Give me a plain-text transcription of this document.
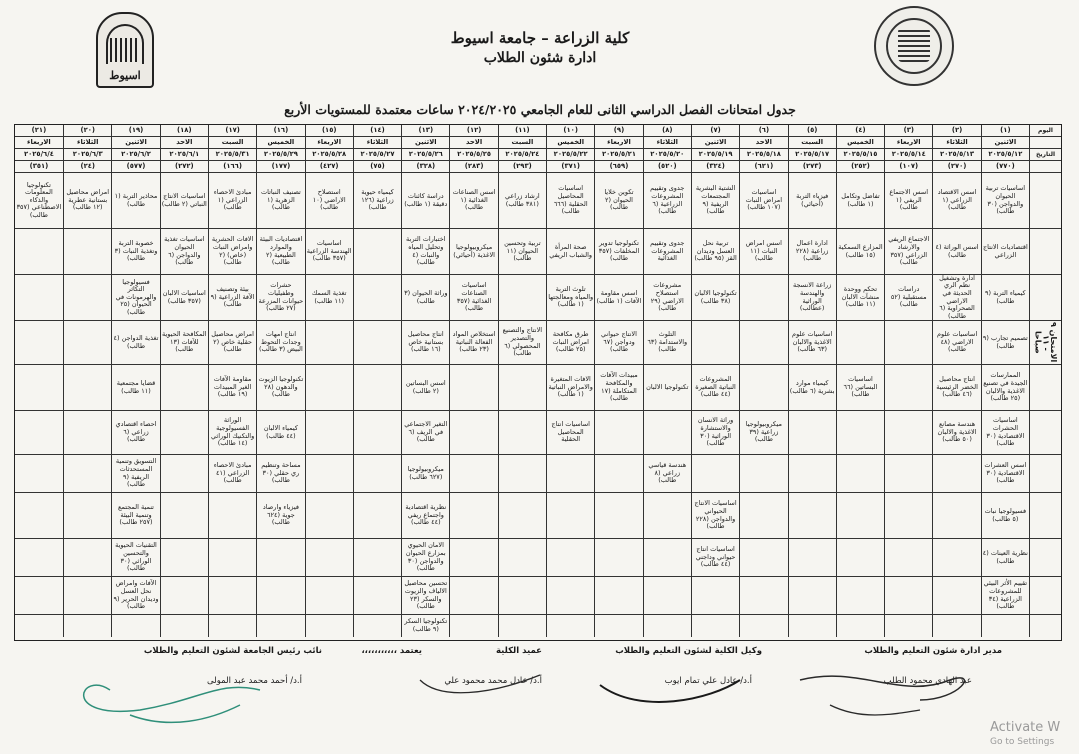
اسيوط
كلية الزراعة – جامعة اسيوط
ادارة شئون الطلاب
جدول امتحانات الفصل الدراسي الثانى للعام الجامعي ٢٠٢٤/٢٠٢٥ ساعات معتمدة للمستويات الأربع
اليوم
(١)
(٢)
(٣)
(٤)
(٥)
(٦)
(٧)
(٨)
(٩)
(١٠)
(١١)
(١٢)
(١٣)
(١٤)
(١٥)
(١٦)
(١٧)
(١٨)
(١٩)
(٢٠)
(٢١)
الاثنين
الثلاثاء
الاربعاء
الخميس
السبت
الاحد
الاثنين
الثلاثاء
الاربعاء
الخميس
السبت
الاحد
الاثنين
الثلاثاء
الاربعاء
الخميس
السبت
الاحد
الاثنين
الثلاثاء
الاربعاء
التاريخ
٢٠٢٥/٥/١٢
٢٠٢٥/٥/١٣
٢٠٢٥/٥/١٤
٢٠٢٥/٥/١٥
٢٠٢٥/٥/١٧
٢٠٢٥/٥/١٨
٢٠٢٥/٥/١٩
٢٠٢٥/٥/٢٠
٢٠٢٥/٥/٢١
٢٠٢٥/٥/٢٢
٢٠٢٥/٥/٢٤
٢٠٢٥/٥/٢٥
٢٠٢٥/٥/٢٦
٢٠٢٥/٥/٢٧
٢٠٢٥/٥/٢٨
٢٠٢٥/٥/٢٩
٢٠٢٥/٥/٣١
٢٠٢٥/٦/١
٢٠٢٥/٦/٢
٢٠٢٥/٦/٣
٢٠٢٥/٦/٤
(٧٧٠)
(٢٧٠)
(١٠٧)
(٢٥٢)
(٢٧٣)
(٦٢١)
(٣٢٤)
(٥٢٠)
(٦٥٩)
(٣٧١)
(٢٩٣)
(٢٨٣)
(٣٢٨)
(٧٥)
(٤٢٧)
(١٧٧)
(١٦٦)
(٢٧٢)
(٥٧٧)
(٢٤)
(٣٥١)
اساسيات تربية الحيوان والدواجن (٣٠ طالب)
اسس الاقتصاد الزراعي (١ طالب)
اسس الاجتماع الريفي (١ طالب)
تفاضل وتكامل (١ طالب)
فيزياء التربة (أحيائي)
اساسيات امراض النبات (١٠٧ طالب)
الشتية البشرية المجتمعات الريفية (٩ طالب)
جدوى وتقييم المشروعات الزراعية (٦ طالب)
تكوين خلايا الحيوان (٢ طالب)
اساسيات المحاصيل الحقلية (٦٦٦ طالب)
ارشاد زراعي (٣٨١ طالب)
اسس الصناعات الغذائية (١ طالب)
دراسة كائنات دقيقة (١ طالب)
كيمياء حيوية زراعية (١٢٦ طالب)
استصلاح الاراضي (١٠ طالب)
تصنيف النباتات الزهرية (١ طالب)
مبادئ الاحصاء الزراعي (١ طالب)
اساسيات الانتاج النباتي (٢ طالب)
محاذير التربة (١ طالب)
امراض محاصيل بستانية عطرية (١٢ طالب)
تكنولوجيا المعلومات والذكاء الاصطناعي (٣٥٧ طالب)
اقتصاديات الانتاج الزراعي
اسس الوراثة (٤ طالب)
الاجتماع الريفي والارشاد الزراعي (٣٥٧ طالب)
المزارع السمكية (١٥ طالب)
ادارة اعمال زراعية (٢٢٨ طالب)
اسس امراض النبات (١١ طالب)
تربية نحل العسل وديدان القز (٩٥ طالب)
جدوى وتقييم المشروعات الغذائية
تكنولوجيا تدوير المخلفات (٣٥٧ طالب)
صحة المرأة والشباب الريفي
تربية وتحسين الحيوان (١١ طالب)
ميكروبيولوجيا الاغذية (أحيائي)
اختبارات التربة وتحليل المياه والنبات (٤ طالب)
اساسيات الهندسة الزراعية (٣٥٧ طالب)
اقتصاديات البيئة والموارد الطبيعية (٢ طالب)
الافات الحشرية وامراض النبات (خاص) (٢ طالب)
اساسيات تغذية الحيوان والدواجن (٦ طالب)
خصوبة التربة وتغذية النبات (٣ طالب)
كيمياء التربة (٩ طالب)
ادارة وتشغيل نظم الري الحديثة في الاراضي الصحراوية (٦ طالب)
دراسات مستقبلية (٥٢ طالب)
تحكم ووحدة منشآت الالبان (١١ طالب)
زراعة الانسجة والهندسة الوراثية (عطالب)
تكنولوجيا الالبان (٣٨ طالب)
مشروعات استصلاح الاراضي (٢٩ طالب)
اسس مقاومة الآفات (١ طالب)
تلوث التربة والمياه ومعالجتها (١ طالب)
اساسيات الصناعات الغذائية (٣٥٧ طالب)
وراثة الحيوان (٣ طالب)
تغذية السمك (١١ طالب)
حشرات وطفيليات حيوانات المزرعة (٢٧ طالب)
بيئة وتصنيف الآفة الزراعية (٩ طالب)
اساسيات الالبان (٣٥٧ طالب)
فسيولوجيا التكاثر والهرمونات في الحيوان (٢٥ طالب)
الامتحان ٩ - ١١ صباحا
تصميم تجارب (٩ طالب)
اساسيات علوم الاراضي (٤٨ طالب)
اساسيات علوم الاغذية والالبان (٦٣ طالب)
التلوث والاستدامة (٦٣ طالب)
الانتاج حيواني ودواجن (٦٧ طالب)
طرق مكافحة امراض النبات (٢٥ طالب)
الانتاج والتصنيع والتصدير المحصولي (٦ طالب)
استخلاص المواد الفعالة النباتية (٢٣ طالب)
انتاج محاصيل بستانية خاص (١٦ طالب)
انتاج امهات وجدات التحوط البيض (٣ طالب)
امراض محاصيل حقلية خاص (٢ طالب)
المكافحة الحيوية للآفات (١٣ طالب)
تغذية الدواجن (٤ طالب)
الممارسات الجيدة في تصنيع الاغذية والالبان (٢٥ طالب)
انتاج محاصيل الخضر الرئيسية (٤٦ طالب)
اساسيات البساتين (٦٦ طالب)
كيمياء موارد بشرية (٦ طالب)
المشروعات النباتية الصغيرة (٤٤ طالب)
تكنولوجيا الالبان
مبيدات الآفات والمكافحة المتكاملة (١٧ طالب)
الافات المتغيرة والامراض النباتية (١ طالب)
اسس البساتين (٢ طالب)
تكنولوجيا الزيوت والدهون (٢٨ طالب)
مقاومة الآفات الغير المبيدات (١٩ طالب)
قضايا مجتمعية (١١ طالب)
اساسيات الحشرات الاقتصادية (٣٠ طالب)
هندسة مصانع الاغذية والالبان (٥٠ طالب)
ميكروبيولوجيا زراعية (٣٩ طالب)
وراثة الانسان والاستشارة الوراثية (٣٠ طالب)
اساسيات انتاج المحاصيل الحقلية
التغير الاجتماعي في الريف (٦ طالب)
كيمياء الالبان (٤٤ طالب)
الوراثة الفسيولوجية والتكنيك الوراثي (١٤ طالب)
احصاء اقتصادي زراعي (٦ طالب)
اسس العشرات الاقتصادية (٣٠ طالب)
هندسة قياسي زراعي (٨ طالب)
ميكروبيولوجيا (٦٢٧ طالب)
مساحة وتنظيم ري حقلي (٣٠ طالب)
مبادئ الاحصاء الزراعي (٤١ طالب)
التسويق وتنمية المستحدثات الريفية (٩ طالب)
فسيولوجيا نبات (٥ طالب)
اساسيات الانتاج الحيواني والدواجن (٢٢٨ طالب)
نظرية اقتصادية واجتماع ريفي (٤٤ طالب)
فيزياء وارصاد جوية (٦٢٤ طالب)
تنمية المجتمع وتنمية البيئة (٢٥٧ طالب)
نظرية العينات (٤ طالب)
اساسيات انتاج حيواني وداجني (٤٤ طالب)
الامان الحيوي بمزارع الحيوان والدواجن (٣٠ طالب)
التقنيات الحيوية والتحسين الوراثي (٣٠ طالب)
تقييم الأثر البيئي للمشروعات الزراعية (٣٤ طالب)
تحسين محاصيل الالياف والزيوت والسكر (٢٣ طالب)
الآفات وامراض نحل العسل وديدان الحرير (٩ طالب)
تكنولوجيا السكر (٩ طالب)
مدير ادارة شئون التعليم والطلاب
وكيل الكلية لشئون التعليم والطلاب
عميد الكلية
يعتمد ،،،،،،،،،،،
نائب رئيس الجامعة لشئون التعليم والطلاب
عبد الهادي محمود الطلب
أ.د/ عادل علي تمام ايوب
أ.د/ عادل محمد محمود علي
أ.د/ أحمد محمد عبد المولى
Activate W
Go to Settings
